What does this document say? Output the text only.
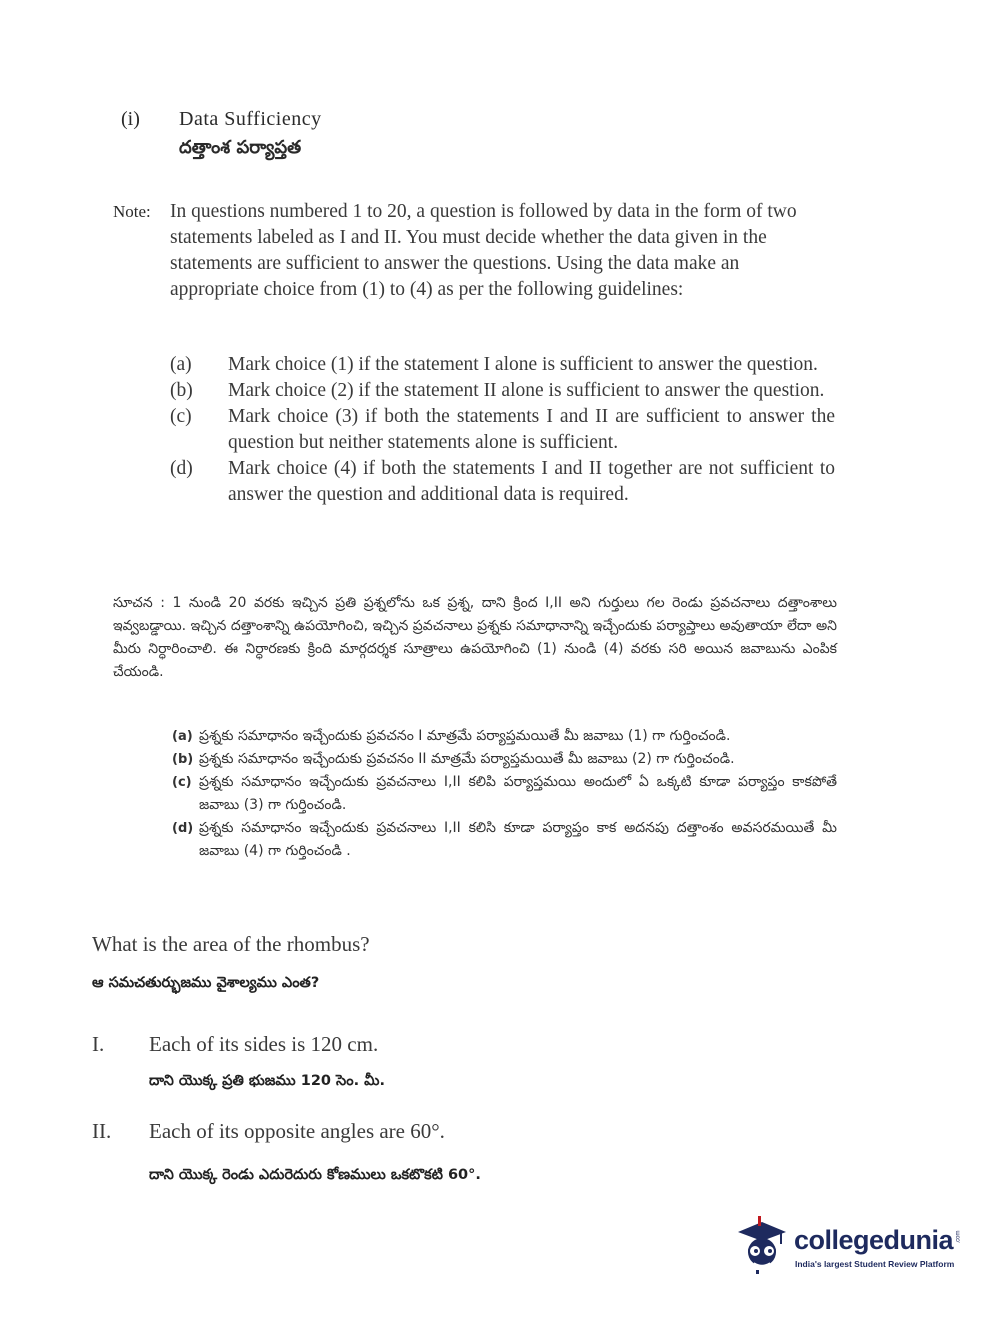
(i) Data Sufficiency
దత్తాంశ పర్యాప్తత
Note: In questions numbered 1 to 20, a question is followed by data in the form of two statements labeled as I and II. You must decide whether the data given in the statements are sufficient to answer the questions. Using the data make an appropriate choice from (1) to (4) as per the following guidelines:
(a)	Mark choice (1) if the statement I alone is sufficient to answer the question.
(b)	Mark choice (2) if the statement II alone is sufficient to answer the question.
(c)	Mark choice (3) if both the statements I and II are sufficient to answer the question but neither statements alone is sufficient.
(d)	Mark choice (4) if both the statements I and II together are not sufficient to answer the question and additional data is required.
సూచన : 1 నుండి 20 వరకు ఇచ్చిన ప్రతి ప్రశ్నలోను ఒక ప్రశ్న, దాని క్రింద I,II అని గుర్తులు గల రెండు ప్రవచనాలు దత్తాంశాలు ఇవ్వబడ్డాయి. ఇచ్చిన దత్తాంశాన్ని ఉపయోగించి, ఇచ్చిన ప్రవచనాలు ప్రశ్నకు సమాధానాన్ని ఇచ్చేందుకు పర్యాప్తాలు అవుతాయా లేదా అని మీరు నిర్ధారించాలి. ఈ నిర్ధారణకు క్రింది మార్గదర్శక సూత్రాలు ఉపయోగించి (1) నుండి (4) వరకు సరి అయిన జవాబును ఎంపిక చేయండి.
(a) ప్రశ్నకు సమాధానం ఇచ్చేందుకు ప్రవచనం I మాత్రమే పర్యాప్తమయితే మీ జవాబు (1) గా గుర్తించండి.
(b) ప్రశ్నకు సమాధానం ఇచ్చేందుకు ప్రవచనం II మాత్రమే పర్యాప్తమయితే మీ జవాబు (2) గా గుర్తించండి.
(c) ప్రశ్నకు సమాధానం ఇచ్చేందుకు ప్రవచనాలు I,II కలిపి పర్యాప్తమయి అందులో ఏ ఒక్కటి కూడా పర్యాప్తం కాకపోతే జవాబు (3) గా గుర్తించండి.
(d) ప్రశ్నకు సమాధానం ఇచ్చేందుకు ప్రవచనాలు I,II కలిసి కూడా పర్యాప్తం కాక అదనపు దత్తాంశం అవసరమయితే మీ జవాబు (4) గా గుర్తించండి .
What is the area of the rhombus?
ఆ సమచతుర్భుజము వైశాల్యము ఎంత?
I. Each of its sides is 120 cm.
దాని యొక్క ప్రతి భుజము 120 సెం. మీ.
II. Each of its opposite angles are 60°.
దాని యొక్క రెండు ఎదురెదురు కోణములు ఒకటొకటి 60°.
collegedunia .com
India's largest Student Review Platform
